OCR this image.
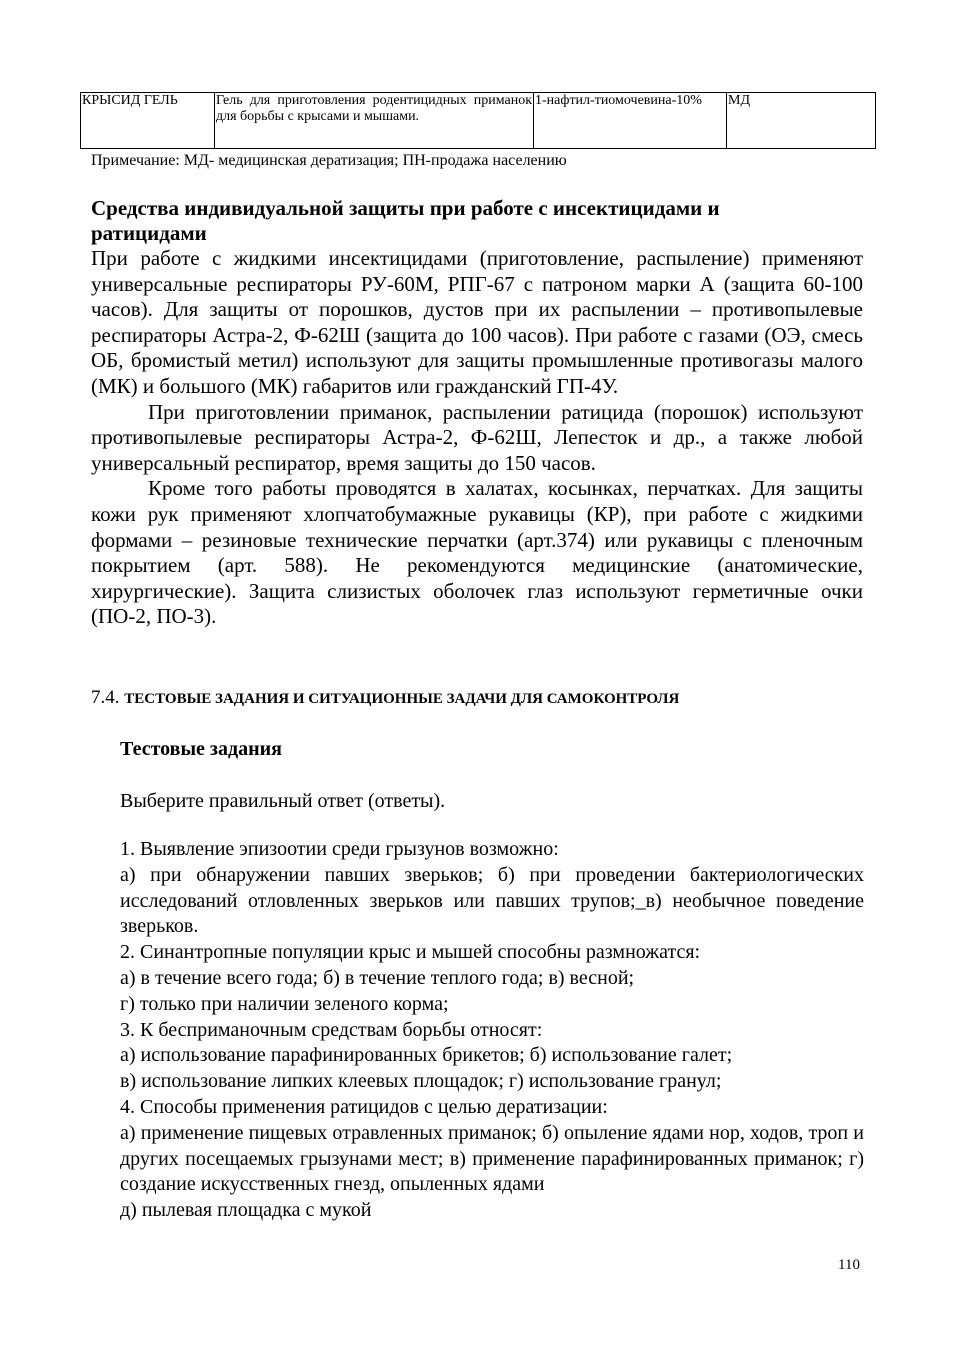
КРЫСИД ГЕЛЬ	Гель для приготовления родентицидных приманок для борьбы с крысами и мышами.	1-нафтил-тиомочевина-10%	МД
Примечание: МД- медицинская дератизация; ПН-продажа населению
Средства индивидуальной защиты при работе с инсектицидами и ратицидами

При работе с жидкими инсектицидами (приготовление, распыление) применяют универсальные респираторы РУ-60М, РПГ-67 с патроном марки А (защита 60-100 часов). Для защиты от порошков, дустов при их распылении – противопылевые респираторы Астра-2, Ф-62Ш (защита до 100 часов). При работе с газами (ОЭ, смесь ОБ, бромистый метил) используют для защиты промышленные противогазы малого (МК) и большого (МК) габаритов или гражданский ГП-4У.

При приготовлении приманок, распылении ратицида (порошок) используют противопылевые респираторы Астра-2, Ф-62Ш, Лепесток и др., а также любой универсальный респиратор, время защиты до 150 часов.

Кроме того работы проводятся в халатах, косынках, перчатках. Для защиты кожи рук применяют хлопчатобумажные рукавицы (КР), при работе с жидкими формами – резиновые технические перчатки (арт.374) или рукавицы с пленочным покрытием (арт. 588). Не рекомендуются медицинские (анатомические, хирургические). Защита слизистых оболочек глаз используют герметичные очки (ПО-2, ПО-3).

7.4. ТЕСТОВЫЕ ЗАДАНИЯ И СИТУАЦИОННЫЕ ЗАДАЧИ ДЛЯ САМОКОНТРОЛЯ
Тестовые задания
Выберите правильный ответ (ответы).

1. Выявление эпизоотии среди грызунов возможно:

а) при обнаружении павших зверьков; б) при проведении бактериологических исследований отловленных зверьков или павших трупов;_в) необычное поведение зверьков.

2. Синантропные популяции крыс и мышей способны размножатся:

а) в течение всего года; б) в течение теплого года; в) весной;

г) только при наличии зеленого корма;

3. К бесприманочным средствам борьбы относят:

а) использование парафинированных брикетов; б) использование галет;

в) использование липких клеевых площадок; г) использование гранул;

4. Способы применения ратицидов с целью дератизации:

а) применение пищевых отравленных приманок; б) опыление ядами нор, ходов, троп и других посещаемых грызунами мест; в) применение парафинированных приманок; г) создание искусственных гнезд, опыленных ядами

д) пылевая площадка с мукой

110
